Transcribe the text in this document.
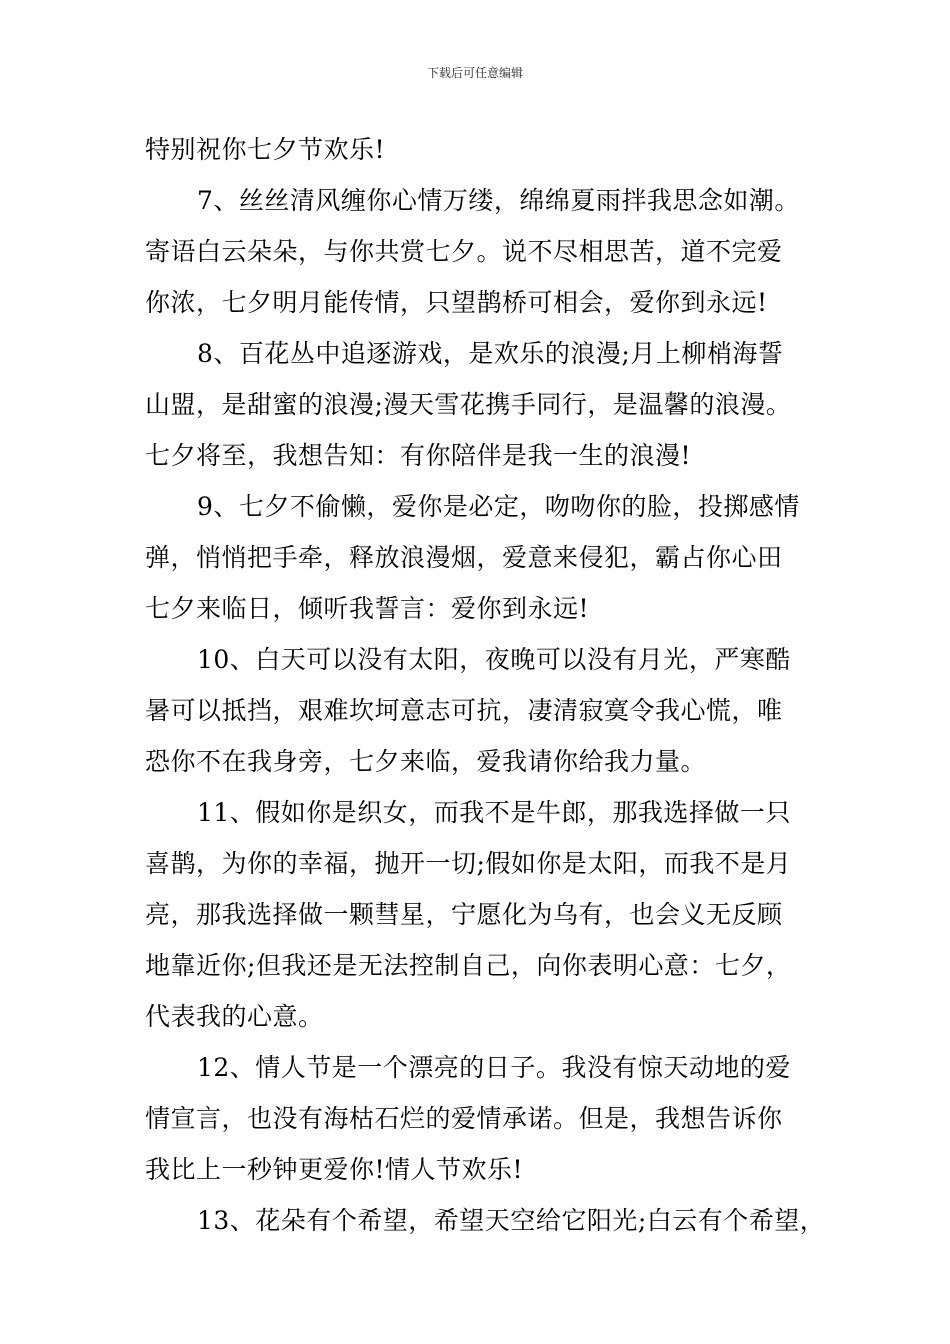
下载后可任意编辑
特别祝你七夕节欢乐!
7、丝丝清风缠你心情万缕，绵绵夏雨拌我思念如潮。
寄语白云朵朵，与你共赏七夕。说不尽相思苦，道不完爱
你浓，七夕明月能传情，只望鹊桥可相会，爱你到永远!
8、百花丛中追逐游戏，是欢乐的浪漫;月上柳梢海誓
山盟，是甜蜜的浪漫;漫天雪花携手同行，是温馨的浪漫。
七夕将至，我想告知：有你陪伴是我一生的浪漫!
9、七夕不偷懒，爱你是必定，吻吻你的脸，投掷感情
弹，悄悄把手牵，释放浪漫烟，爱意来侵犯，霸占你心田
七夕来临日，倾听我誓言：爱你到永远!
10、白天可以没有太阳，夜晚可以没有月光，严寒酷
暑可以抵挡，艰难坎坷意志可抗，凄清寂寞令我心慌，唯
恐你不在我身旁，七夕来临，爱我请你给我力量。
11、假如你是织女，而我不是牛郎，那我选择做一只
喜鹊，为你的幸福，抛开一切;假如你是太阳，而我不是月
亮，那我选择做一颗彗星，宁愿化为乌有，也会义无反顾
地靠近你;但我还是无法控制自己，向你表明心意：七夕，
代表我的心意。
12、情人节是一个漂亮的日子。我没有惊天动地的爱
情宣言，也没有海枯石烂的爱情承诺。但是，我想告诉你
我比上一秒钟更爱你!情人节欢乐!
13、花朵有个希望，希望天空给它阳光;白云有个希望，
